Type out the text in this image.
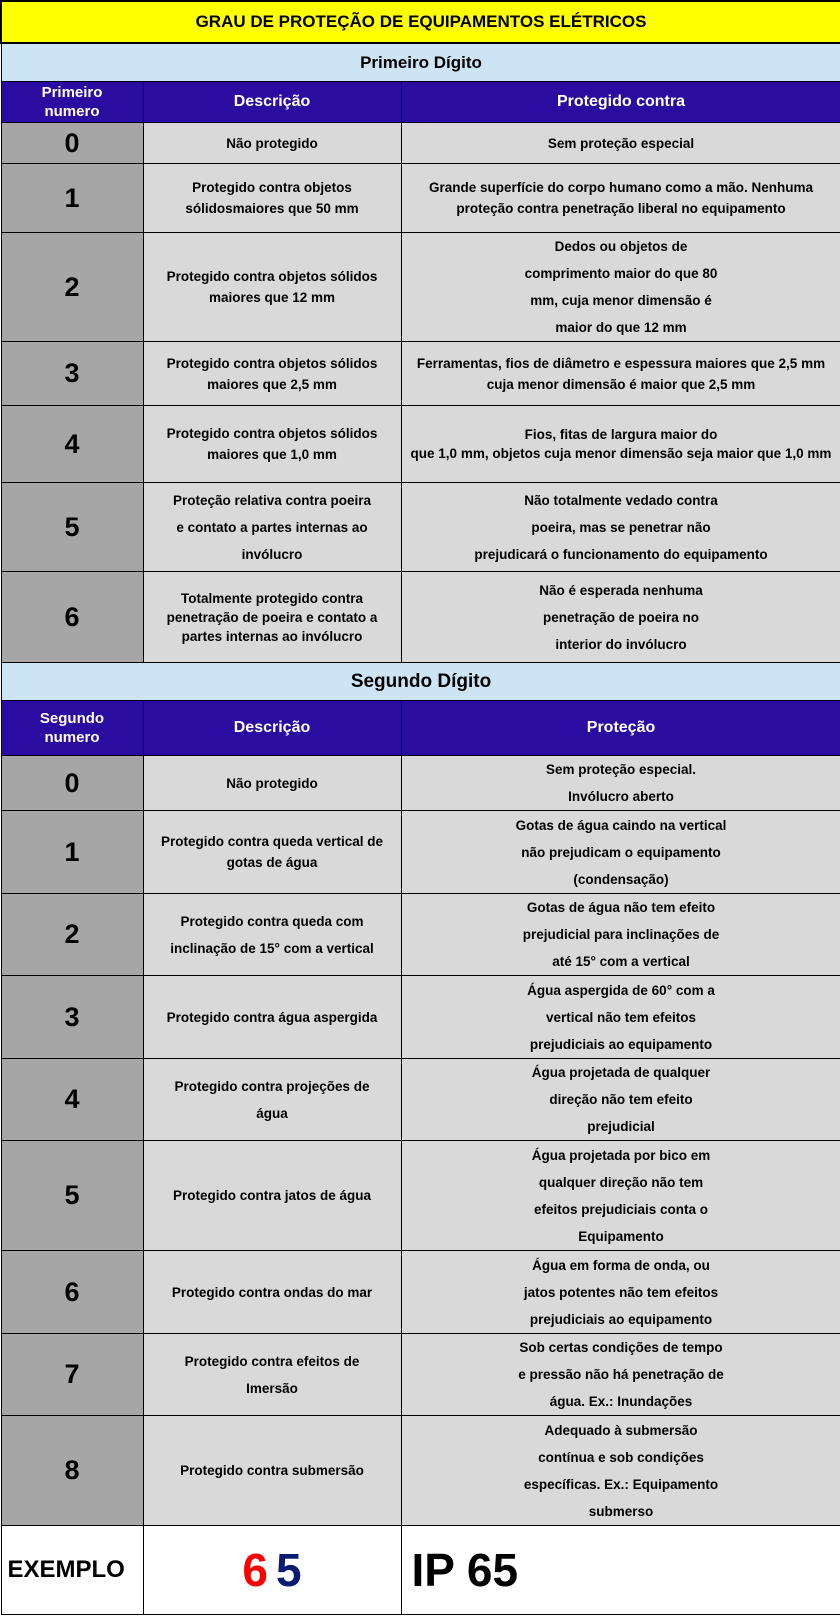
GRAU DE PROTEÇÃO DE EQUIPAMENTOS ELÉTRICOS		
Primeiro Dígito		
Primeiro
numero	Descrição	Protegido contra
0	Não protegido	Sem proteção especial
1	Protegido contra objetos sólidosmaiores que 50 mm	Grande superfície do corpo humano como a mão. Nenhuma proteção contra penetração liberal no equipamento
2	Protegido contra objetos sólidos maiores que 12 mm	Dedos ou objetos de
comprimento maior do que 80
mm, cuja menor dimensão é
maior do que 12 mm
3	Protegido contra objetos sólidos maiores que 2,5 mm	Ferramentas, fios de diâmetro e espessura maiores que 2,5 mm cuja menor dimensão é maior que 2,5 mm
4	Protegido contra objetos sólidos maiores que 1,0 mm	Fios, fitas de largura maior do
que 1,0 mm, objetos cuja menor dimensão seja maior que 1,0 mm
5	Proteção relativa contra poeira
e contato a partes internas ao
invólucro	Não totalmente vedado contra
poeira, mas se penetrar não
prejudicará o funcionamento do equipamento
6	Totalmente protegido contra penetração de poeira e contato a partes internas ao invólucro	Não é esperada nenhuma
penetração de poeira no
interior do invólucro
Segundo Dígito		
Segundo
numero	Descrição	Proteção
0	Não protegido	Sem proteção especial.
Invólucro aberto
1	Protegido contra queda vertical de gotas de água	Gotas de água caindo na vertical
não prejudicam o equipamento
(condensação)
2	Protegido contra queda com
inclinação de 15° com a vertical	Gotas de água não tem efeito
prejudicial para inclinações de
até 15° com a vertical
3	Protegido contra água aspergida	Água aspergida de 60° com a
vertical não tem efeitos
prejudiciais ao equipamento
4	Protegido contra projeções de
água	Água projetada de qualquer
direção não tem efeito
prejudicial
5	Protegido contra jatos de água	Água projetada por bico em
qualquer direção não tem
efeitos prejudiciais conta o
Equipamento
6	Protegido contra ondas do mar	Água em forma de onda, ou
jatos potentes não tem efeitos
prejudiciais ao equipamento
7	Protegido contra efeitos de
Imersão	Sob certas condições de tempo
e pressão não há penetração de
água. Ex.: Inundações
8	Protegido contra submersão	Adequado à submersão
contínua e sob condições
específicas. Ex.: Equipamento
submerso
EXEMPLO	6 5	IP 65
